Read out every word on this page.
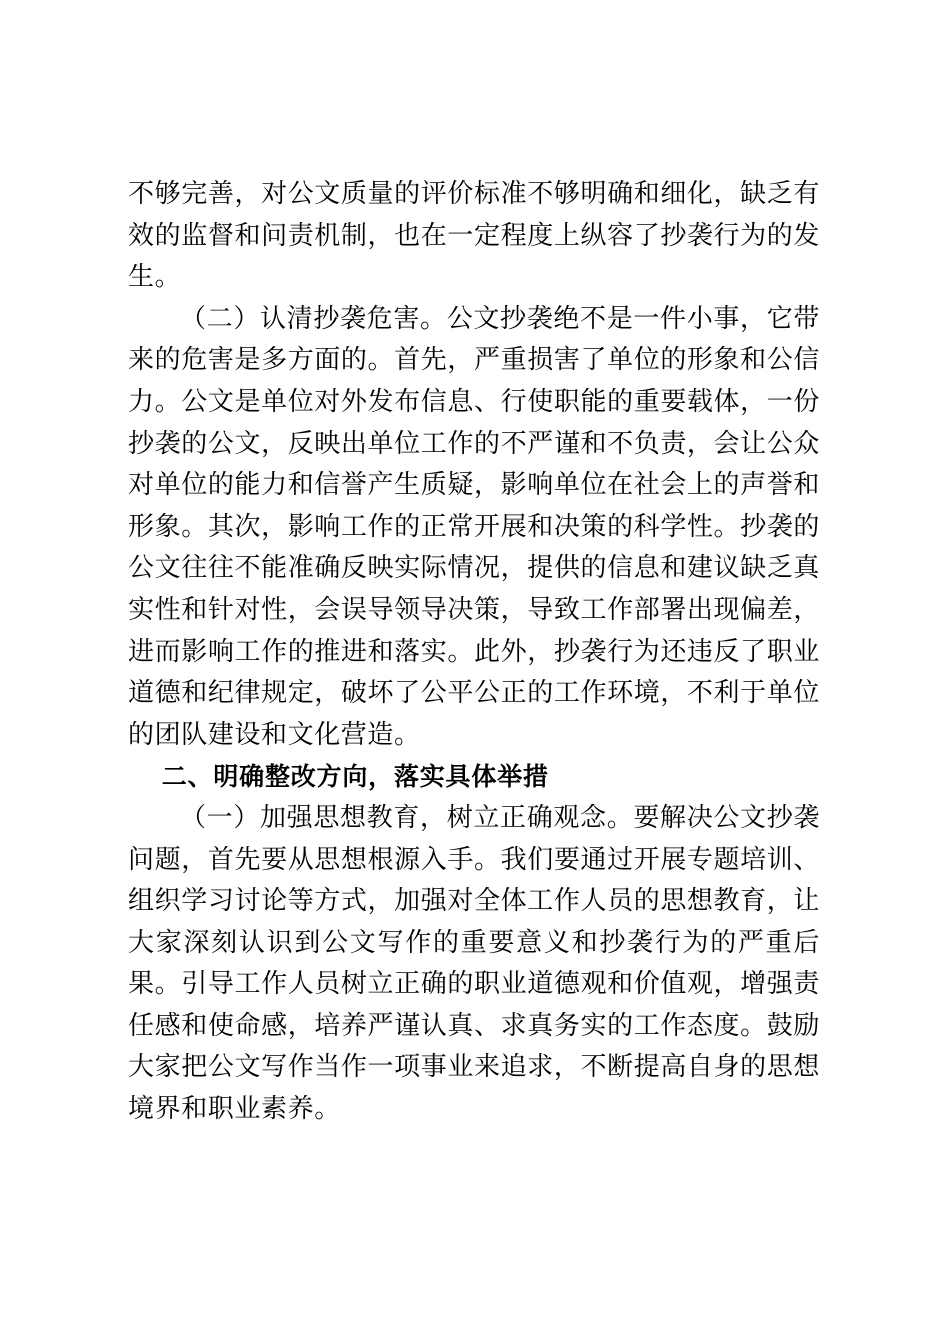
不够完善，对公文质量的评价标准不够明确和细化，缺乏有效的监督和问责机制，也在一定程度上纵容了抄袭行为的发生。

（二）认清抄袭危害。公文抄袭绝不是一件小事，它带来的危害是多方面的。首先，严重损害了单位的形象和公信力。公文是单位对外发布信息、行使职能的重要载体，一份抄袭的公文，反映出单位工作的不严谨和不负责，会让公众对单位的能力和信誉产生质疑，影响单位在社会上的声誉和形象。其次，影响工作的正常开展和决策的科学性。抄袭的公文往往不能准确反映实际情况，提供的信息和建议缺乏真实性和针对性，会误导领导决策，导致工作部署出现偏差，进而影响工作的推进和落实。此外，抄袭行为还违反了职业道德和纪律规定，破坏了公平公正的工作环境，不利于单位的团队建设和文化营造。

二、明确整改方向，落实具体举措

（一）加强思想教育，树立正确观念。要解决公文抄袭问题，首先要从思想根源入手。我们要通过开展专题培训、组织学习讨论等方式，加强对全体工作人员的思想教育，让大家深刻认识到公文写作的重要意义和抄袭行为的严重后果。引导工作人员树立正确的职业道德观和价值观，增强责任感和使命感，培养严谨认真、求真务实的工作态度。鼓励大家把公文写作当作一项事业来追求，不断提高自身的思想境界和职业素养。
